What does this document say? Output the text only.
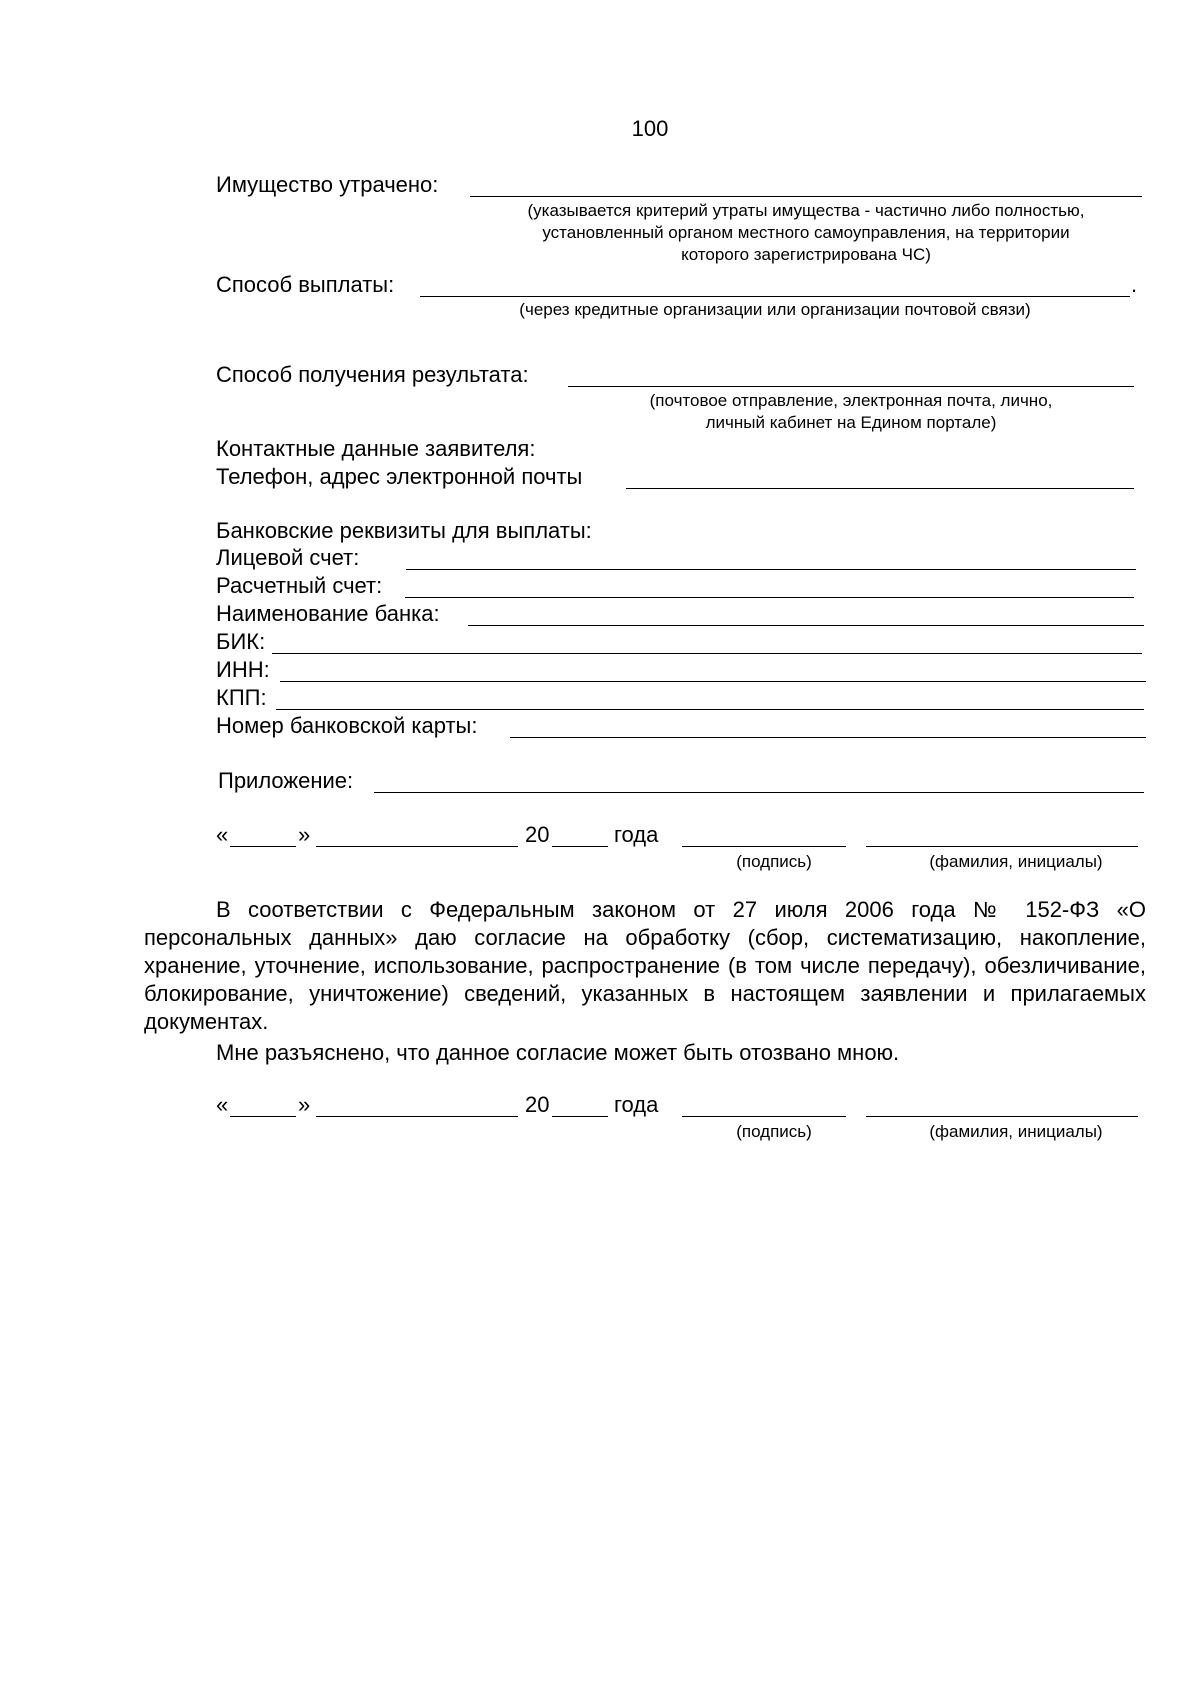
100
Имущество утрачено:
(указывается критерий утраты имущества - частично либо полностью,
установленный органом местного самоуправления, на территории
которого зарегистрирована ЧС)
Способ выплаты:	.
(через кредитные организации или организации почтовой связи)
Способ получения результата:
(почтовое отправление, электронная почта, лично,
личный кабинет на Едином портале)
Контактные данные заявителя:
Телефон, адрес электронной почты
Банковские реквизиты для выплаты:
Лицевой счет:
Расчетный счет:
Наименование банка:
БИК:
ИНН:
КПП:
Номер банковской карты:
Приложение:
«	»	20	года
(подпись)	(фамилия, инициалы)
В соответствии с Федеральным законом от 27 июля 2006 года № 152-ФЗ «О персональных данных» даю согласие на обработку (сбор, систематизацию, накопление, хранение, уточнение, использование, распространение (в том числе передачу), обезличивание, блокирование, уничтожение) сведений, указанных в настоящем заявлении и прилагаемых документах.
Мне разъяснено, что данное согласие может быть отозвано мною.
«	»	20	года
(подпись)	(фамилия, инициалы)
